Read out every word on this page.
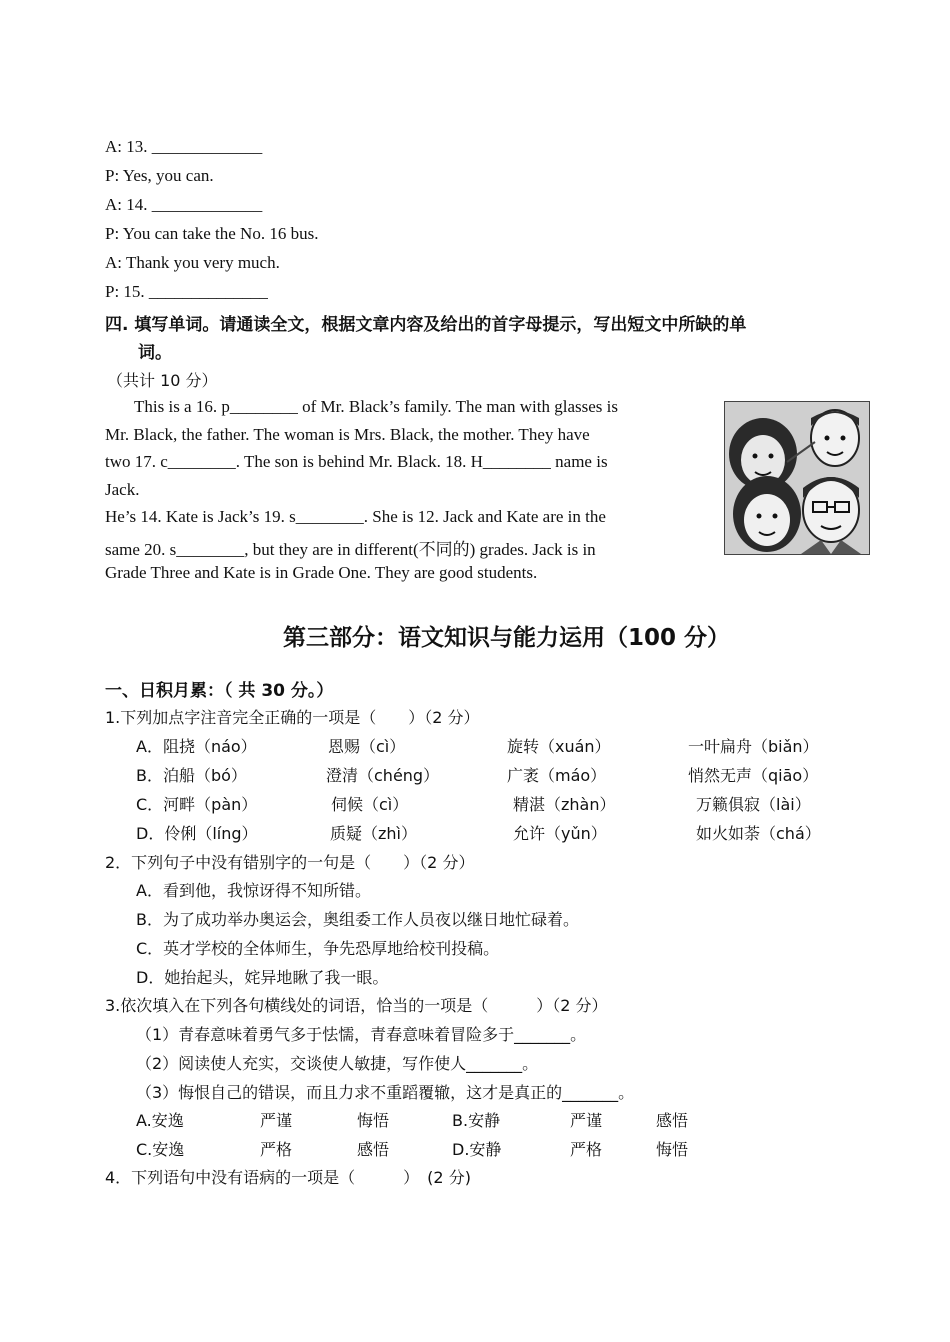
A: 13. _____________
P: Yes, you can.
A: 14. _____________
P: You can take the No. 16 bus.
A: Thank you very much.
P: 15. ______________
四. 填写单词。请通读全文，根据文章内容及给出的首字母提示，写出短文中所缺的单
词。
（共计 10 分）
This is a 16. p________ of Mr. Black’s family. The man with glasses is
Mr. Black, the father. The woman is Mrs. Black, the mother. They have
two 17. c________. The son is behind Mr. Black. 18. H________ name is
Jack.
He’s 14. Kate is Jack’s 19. s________. She is 12. Jack and Kate are in the
same 20. s________, but they are in different(不同的) grades. Jack is in
Grade Three and Kate is in Grade One. They are good students.
第三部分：语文知识与能力运用（100 分）
一、日积月累：（ 共 30 分。）
1.下列加点字注音完全正确的一项是（　　）（2 分）
A．阻挠（náo）	恩赐（cì）	旋转（xuán）	一叶扁舟（biǎn）
B．泊船（bó）	澄清（chéng）	广袤（máo）	悄然无声（qiāo）
C．河畔（pàn）	伺候（cì）	精湛（zhàn）	万籁俱寂（lài）
D．伶俐（líng）	质疑（zhì）	允许（yǔn）	如火如荼（chá）
2．下列句子中没有错别字的一句是（　　）（2 分）
A．看到他，我惊讶得不知所错。
B．为了成功举办奥运会，奥组委工作人员夜以继日地忙碌着。
C．英才学校的全体师生，争先恐厚地给校刊投稿。
D．她抬起头，姹异地瞅了我一眼。
3.依次填入在下列各句横线处的词语，恰当的一项是（　　　）（2 分）
（1）青春意味着勇气多于怯懦，青春意味着冒险多于_______。
（2）阅读使人充实，交谈使人敏捷，写作使人_______。
（3）悔恨自己的错误，而且力求不重蹈覆辙，这才是真正的_______。
A.安逸	严谨	悔悟	B.安静	严谨	感悟
C.安逸	严格	感悟	D.安静	严格	悔悟
4．下列语句中没有语病的一项是（　　　）　(2 分)
